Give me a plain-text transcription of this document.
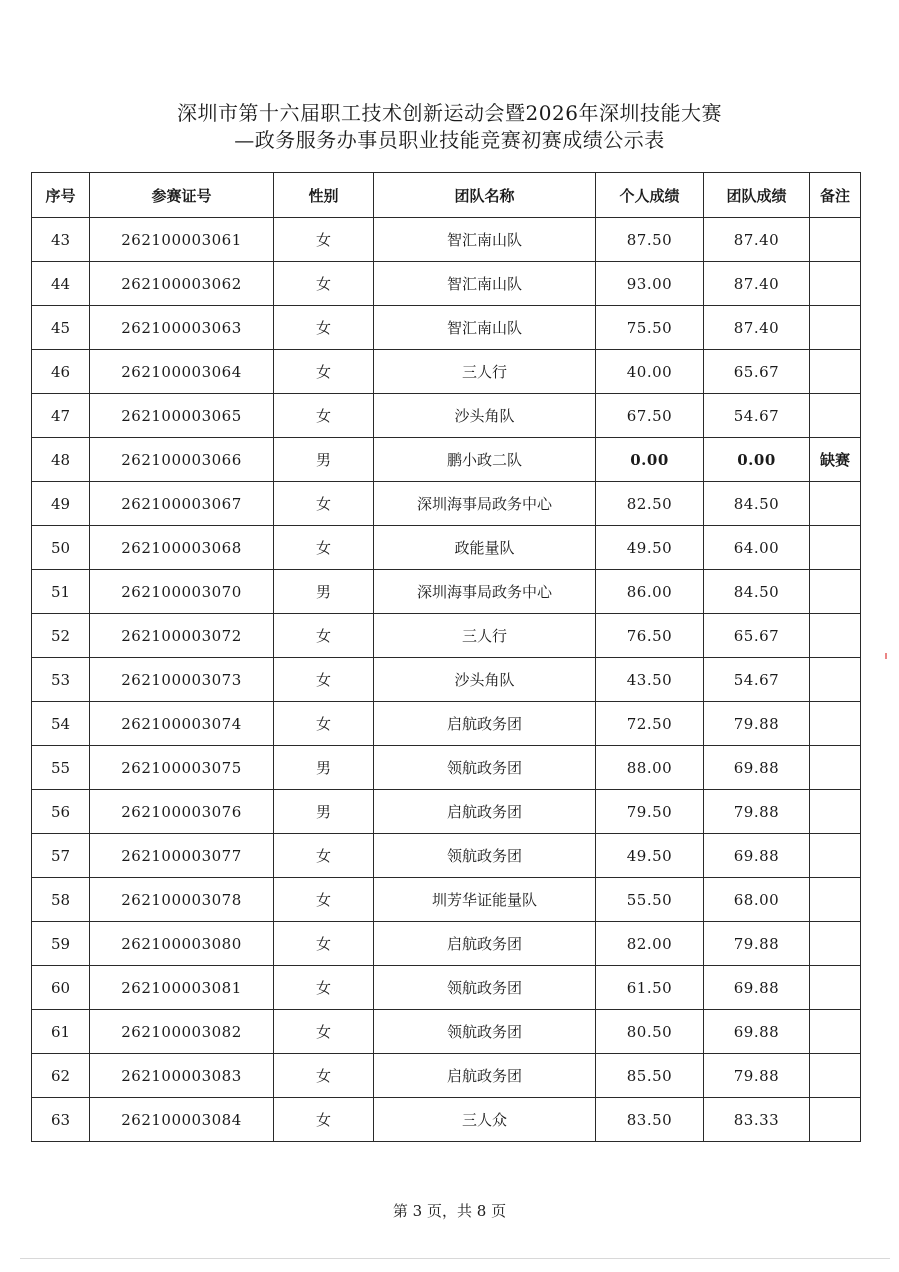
深圳市第十六届职工技术创新运动会暨2026年深圳技能大赛
—政务服务办事员职业技能竞赛初赛成绩公示表
序号	参赛证号	性别	团队名称	个人成绩	团队成绩	备注
43	262100003061	女	智汇南山队	87.50	87.40	
44	262100003062	女	智汇南山队	93.00	87.40	
45	262100003063	女	智汇南山队	75.50	87.40	
46	262100003064	女	三人行	40.00	65.67	
47	262100003065	女	沙头角队	67.50	54.67	
48	262100003066	男	鹏小政二队	0.00	0.00	缺赛
49	262100003067	女	深圳海事局政务中心	82.50	84.50	
50	262100003068	女	政能量队	49.50	64.00	
51	262100003070	男	深圳海事局政务中心	86.00	84.50	
52	262100003072	女	三人行	76.50	65.67	
53	262100003073	女	沙头角队	43.50	54.67	
54	262100003074	女	启航政务团	72.50	79.88	
55	262100003075	男	领航政务团	88.00	69.88	
56	262100003076	男	启航政务团	79.50	79.88	
57	262100003077	女	领航政务团	49.50	69.88	
58	262100003078	女	圳芳华证能量队	55.50	68.00	
59	262100003080	女	启航政务团	82.00	79.88	
60	262100003081	女	领航政务团	61.50	69.88	
61	262100003082	女	领航政务团	80.50	69.88	
62	262100003083	女	启航政务团	85.50	79.88	
63	262100003084	女	三人众	83.50	83.33	
第 3 页，共 8 页
